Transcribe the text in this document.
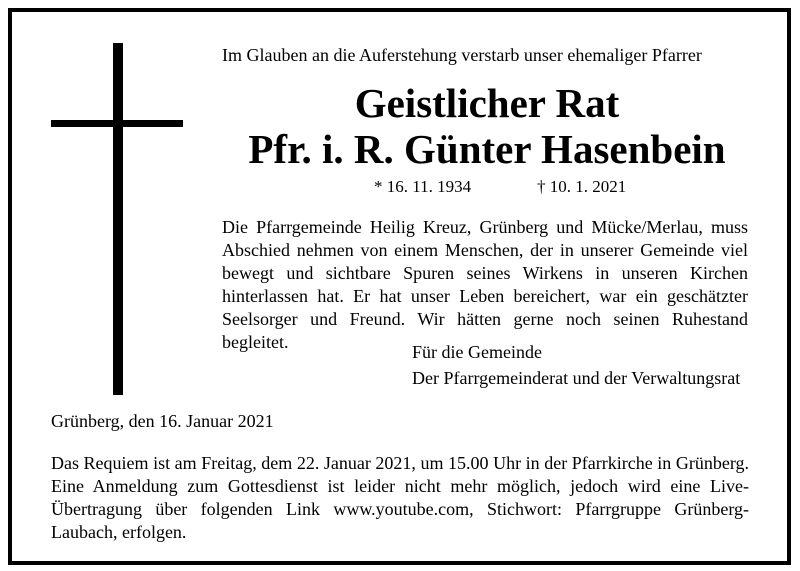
Im Glauben an die Auferstehung verstarb unser ehemaliger Pfarrer
Geistlicher Rat
Pfr. i. R. Günter Hasenbein
* 16. 11. 1934	† 10. 1. 2021
Die Pfarrgemeinde Heilig Kreuz, Grünberg und Mücke/Merlau, muss Abschied nehmen von einem Menschen, der in unserer Gemeinde viel bewegt und sichtbare Spuren seines Wirkens in unseren Kirchen hinterlassen hat. Er hat unser Leben bereichert, war ein geschätzter Seelsorger und Freund. Wir hätten gerne noch seinen Ruhestand begleitet.	Für die Gemeinde
Der Pfarrgemeinderat und der Verwaltungsrat
Grünberg, den 16. Januar 2021
Das Requiem ist am Freitag, dem 22. Januar 2021, um 15.00 Uhr in der Pfarrkirche in Grünberg. Eine Anmeldung zum Gottesdienst ist leider nicht mehr möglich, jedoch wird eine Live-Übertragung über folgenden Link www.youtube.com, Stichwort: Pfarrgruppe Grünberg-Laubach, erfolgen.
